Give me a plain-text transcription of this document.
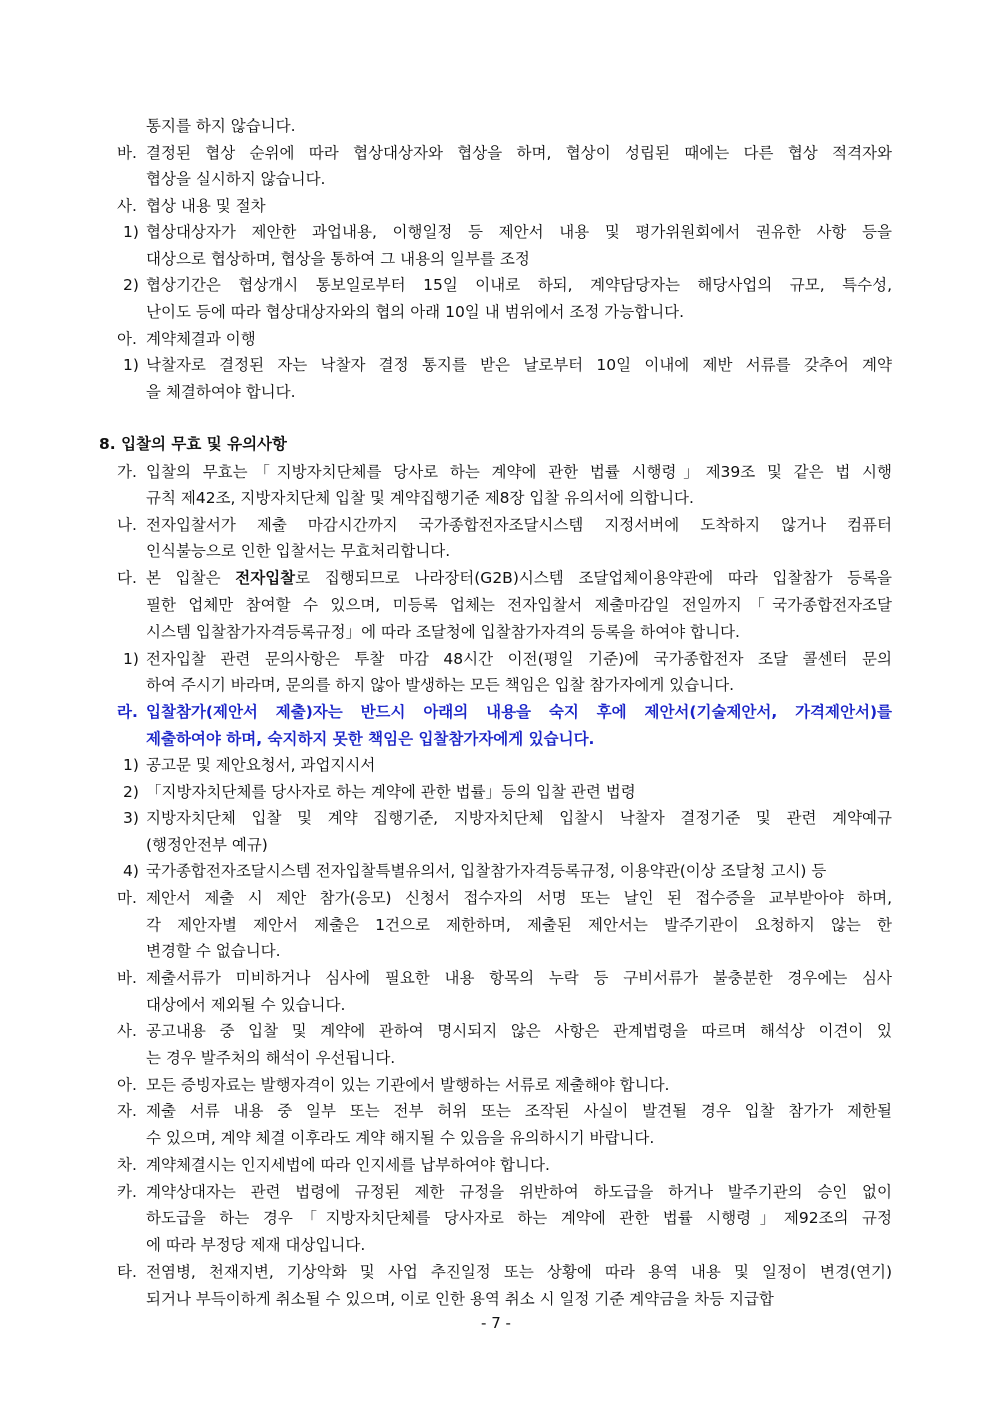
통지를 하지 않습니다.
바. 결정된 협상 순위에 따라 협상대상자와 협상을 하며, 협상이 성립된 때에는 다른 협상 적격자와
협상을 실시하지 않습니다.
사. 협상 내용 및 절차
1) 협상대상자가 제안한 과업내용, 이행일정 등 제안서 내용 및 평가위원회에서 권유한 사항 등을
대상으로 협상하며, 협상을 통하여 그 내용의 일부를 조정
2) 협상기간은 협상개시 통보일로부터 15일 이내로 하되, 계약담당자는 해당사업의 규모, 특수성,
난이도 등에 따라 협상대상자와의 협의 아래 10일 내 범위에서 조정 가능합니다.
아. 계약체결과 이행
1) 낙찰자로 결정된 자는 낙찰자 결정 통지를 받은 날로부터 10일 이내에 제반 서류를 갖추어 계약
을 체결하여야 합니다.
8. 입찰의 무효 및 유의사항
가. 입찰의 무효는「지방자치단체를 당사로 하는 계약에 관한 법률 시행령」제39조 및 같은 법 시행
규칙 제42조, 지방자치단체 입찰 및 계약집행기준 제8장 입찰 유의서에 의합니다.
나. 전자입찰서가 제출 마감시간까지 국가종합전자조달시스템 지정서버에 도착하지 않거나 컴퓨터
인식불능으로 인한 입찰서는 무효처리합니다.
다. 본 입찰은 전자입찰로 집행되므로 나라장터(G2B)시스템 조달업체이용약관에 따라 입찰참가 등록을
필한 업체만 참여할 수 있으며, 미등록 업체는 전자입찰서 제출마감일 전일까지「국가종합전자조달
시스템 입찰참가자격등록규정」에 따라 조달청에 입찰참가자격의 등록을 하여야 합니다.
1) 전자입찰 관련 문의사항은 투찰 마감 48시간 이전(평일 기준)에 국가종합전자 조달 콜센터 문의
하여 주시기 바라며, 문의를 하지 않아 발생하는 모든 책임은 입찰 참가자에게 있습니다.
라. 입찰참가(제안서 제출)자는 반드시 아래의 내용을 숙지 후에 제안서(기술제안서, 가격제안서)를
제출하여야 하며, 숙지하지 못한 책임은 입찰참가자에게 있습니다.
1) 공고문 및 제안요청서, 과업지시서
2) 「지방자치단체를 당사자로 하는 계약에 관한 법률」등의 입찰 관련 법령
3) 지방자치단체 입찰 및 계약 집행기준, 지방자치단체 입찰시 낙찰자 결정기준 및 관련 계약예규
(행정안전부 예규)
4) 국가종합전자조달시스템 전자입찰특별유의서, 입찰참가자격등록규정, 이용약관(이상 조달청 고시) 등
마. 제안서 제출 시 제안 참가(응모) 신청서 접수자의 서명 또는 날인 된 접수증을 교부받아야 하며,
각 제안자별 제안서 제출은 1건으로 제한하며, 제출된 제안서는 발주기관이 요청하지 않는 한
변경할 수 없습니다.
바. 제출서류가 미비하거나 심사에 필요한 내용 항목의 누락 등 구비서류가 불충분한 경우에는 심사
대상에서 제외될 수 있습니다.
사. 공고내용 중 입찰 및 계약에 관하여 명시되지 않은 사항은 관계법령을 따르며 해석상 이견이 있
는 경우 발주처의 해석이 우선됩니다.
아. 모든 증빙자료는 발행자격이 있는 기관에서 발행하는 서류로 제출해야 합니다.
자. 제출 서류 내용 중 일부 또는 전부 허위 또는 조작된 사실이 발견될 경우 입찰 참가가 제한될
수 있으며, 계약 체결 이후라도 계약 해지될 수 있음을 유의하시기 바랍니다.
차. 계약체결시는 인지세법에 따라 인지세를 납부하여야 합니다.
카. 계약상대자는 관련 법령에 규정된 제한 규정을 위반하여 하도급을 하거나 발주기관의 승인 없이
하도급을 하는 경우「지방자치단체를 당사자로 하는 계약에 관한 법률 시행령」제92조의 규정
에 따라 부정당 제재 대상입니다.
타. 전염병, 천재지변, 기상악화 및 사업 추진일정 또는 상황에 따라 용역 내용 및 일정이 변경(연기)
되거나 부득이하게 취소될 수 있으며, 이로 인한 용역 취소 시 일정 기준 계약금을 차등 지급합
- 7 -
